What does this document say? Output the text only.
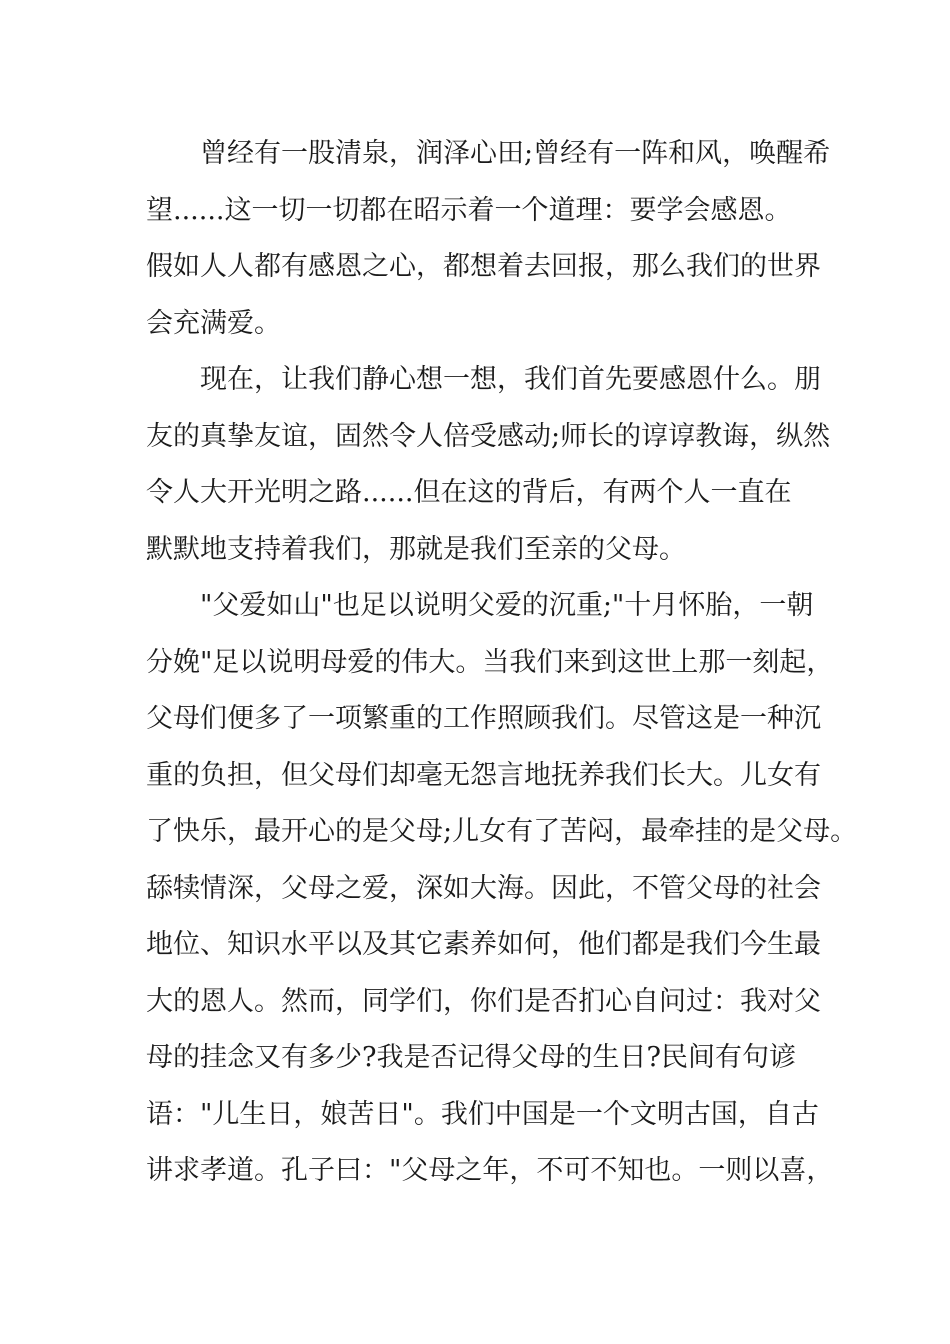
曾经有一股清泉，润泽心田;曾经有一阵和风，唤醒希
望......这一切一切都在昭示着一个道理：要学会感恩。
假如人人都有感恩之心，都想着去回报，那么我们的世界
会充满爱。
现在，让我们静心想一想，我们首先要感恩什么。朋
友的真挚友谊，固然令人倍受感动;师长的谆谆教诲，纵然
令人大开光明之路......但在这的背后，有两个人一直在
默默地支持着我们，那就是我们至亲的父母。
"父爱如山"也足以说明父爱的沉重;"十月怀胎，一朝
分娩"足以说明母爱的伟大。当我们来到这世上那一刻起，
父母们便多了一项繁重的工作照顾我们。尽管这是一种沉
重的负担，但父母们却毫无怨言地抚养我们长大。儿女有
了快乐，最开心的是父母;儿女有了苦闷，最牵挂的是父母。
舔犊情深，父母之爱，深如大海。因此，不管父母的社会
地位、知识水平以及其它素养如何，他们都是我们今生最
大的恩人。然而，同学们，你们是否扪心自问过：我对父
母的挂念又有多少?我是否记得父母的生日?民间有句谚
语："儿生日，娘苦日"。我们中国是一个文明古国，自古
讲求孝道。孔子曰："父母之年，不可不知也。一则以喜，
